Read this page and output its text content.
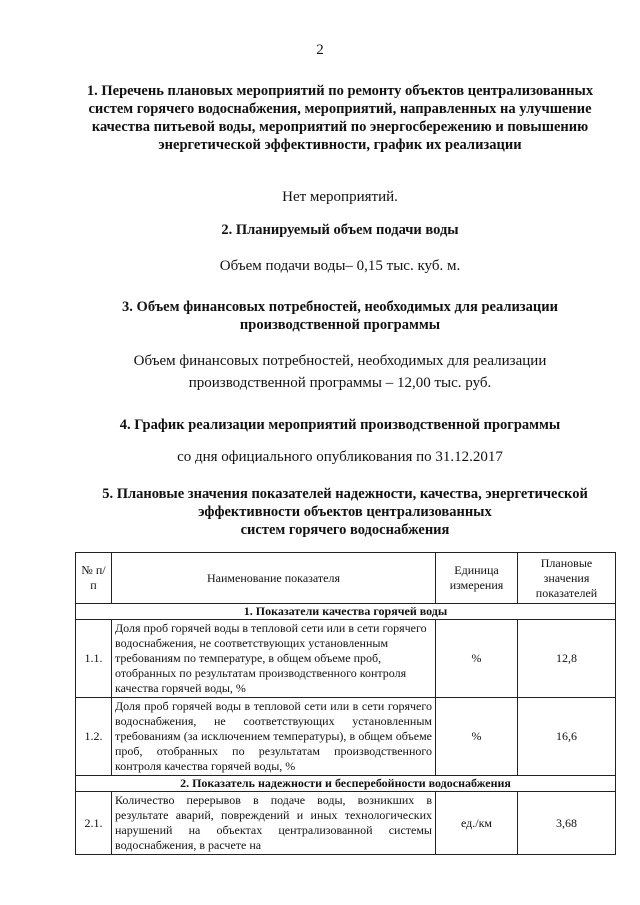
2
1. Перечень плановых мероприятий по ремонту объектов централизованных систем горячего водоснабжения, мероприятий, направленных на улучшение качества питьевой воды, мероприятий по энергосбережению и повышению энергетической эффективности, график их реализации
Нет мероприятий.
2. Планируемый объем подачи воды
Объем подачи воды– 0,15 тыс. куб. м.
3. Объем финансовых потребностей, необходимых для реализации производственной программы
Объем финансовых потребностей, необходимых для реализации производственной программы – 12,00 тыс. руб.
4. График реализации мероприятий производственной программы
со дня официального опубликования по 31.12.2017
5. Плановые значения показателей надежности, качества, энергетической
эффективности объектов централизованных
систем горячего водоснабжения
№ п/п	Наименование показателя	Единица измерения	Плановые значения показателей
1. Показатели качества горячей воды			
1.1.	Доля проб горячей воды в тепловой сети или в сети горячего водоснабжения, не соответствующих установленным требованиям по температуре, в общем объеме проб, отобранных по результатам производственного контроля качества горячей воды, %	%	12,8
1.2.	Доля проб горячей воды в тепловой сети или в сети горячего водоснабжения, не соответствующих установленным требованиям (за исключением температуры), в общем объеме проб, отобранных по результатам производственного контроля качества горячей воды, %	%	16,6
2. Показатель надежности и бесперебойности водоснабжения			
2.1.	Количество перерывов в подаче воды, возникших в результате аварий, повреждений и иных технологических нарушений на объектах централизованной системы водоснабжения, в расчете на	ед./км	3,68
